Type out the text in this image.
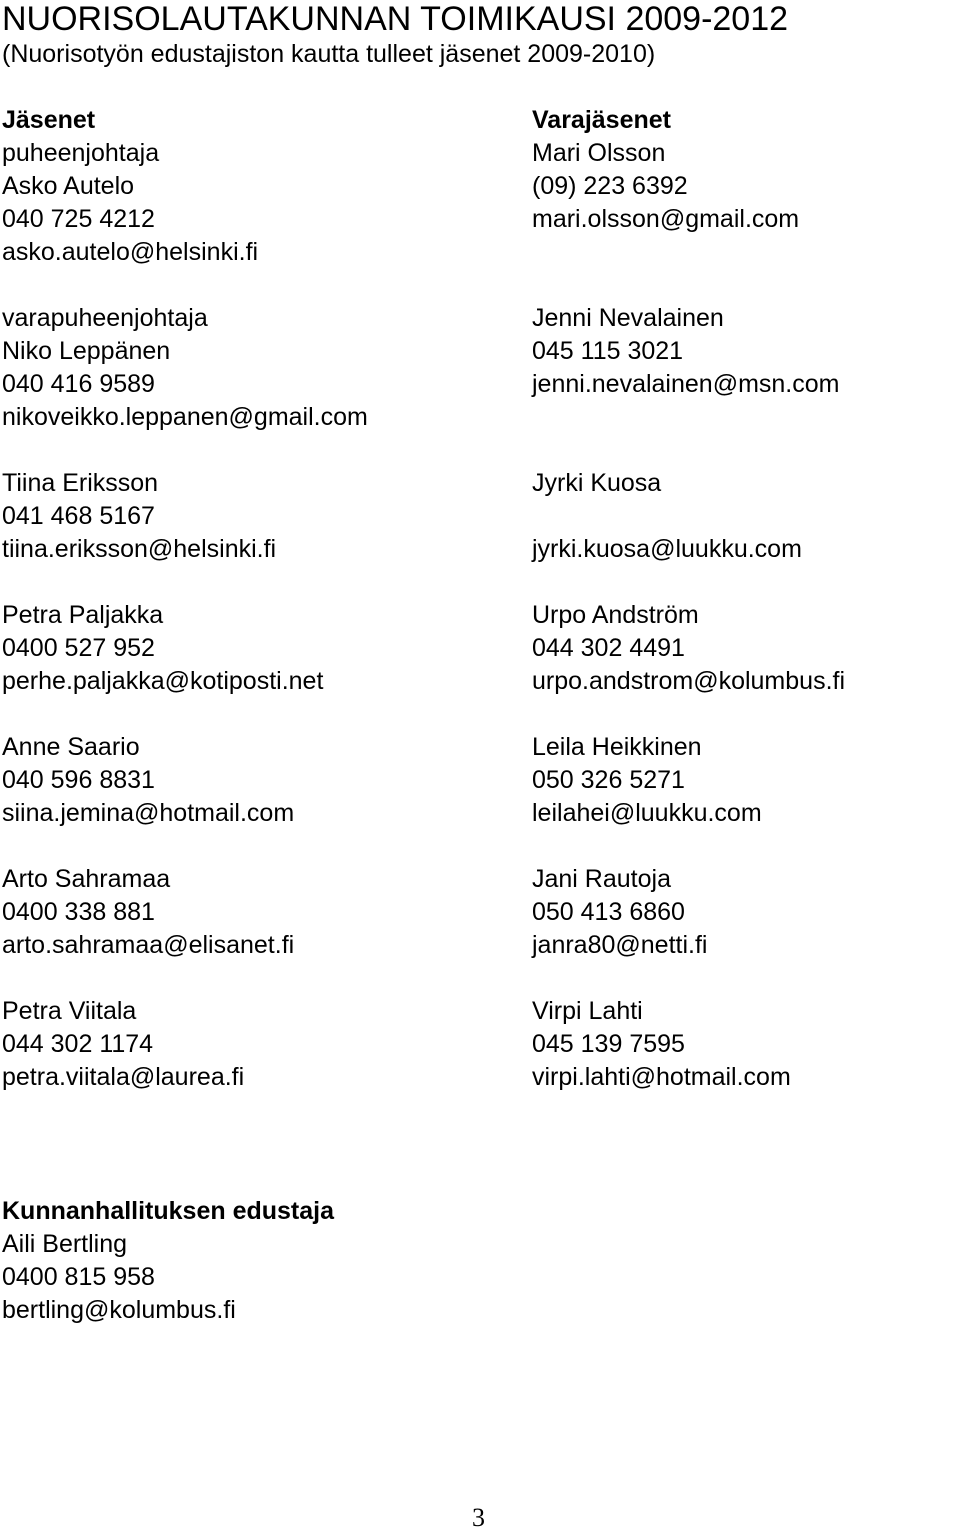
NUORISOLAUTAKUNNAN TOIMIKAUSI 2009-2012
(Nuorisotyön edustajiston kautta tulleet jäsenet 2009-2010)
Jäsenet
puheenjohtaja
Asko Autelo
040 725 4212
asko.autelo@helsinki.fi
varapuheenjohtaja
Niko Leppänen
040 416 9589
nikoveikko.leppanen@gmail.com
Tiina Eriksson
041 468 5167
tiina.eriksson@helsinki.fi
Petra Paljakka
0400 527 952
perhe.paljakka@kotiposti.net
Anne Saario
040 596 8831
siina.jemina@hotmail.com
Arto Sahramaa
0400 338 881
arto.sahramaa@elisanet.fi
Petra Viitala
044 302 1174
petra.viitala@laurea.fi
Varajäsenet
Mari Olsson
(09) 223 6392
mari.olsson@gmail.com
Jenni Nevalainen
045 115 3021
jenni.nevalainen@msn.com
Jyrki Kuosa
jyrki.kuosa@luukku.com
Urpo Andström
044 302 4491
urpo.andstrom@kolumbus.fi
Leila Heikkinen
050 326 5271
leilahei@luukku.com
Jani Rautoja
050 413 6860
janra80@netti.fi
Virpi Lahti
045 139 7595
virpi.lahti@hotmail.com
Kunnanhallituksen edustaja
Aili Bertling
0400 815 958
bertling@kolumbus.fi
3
